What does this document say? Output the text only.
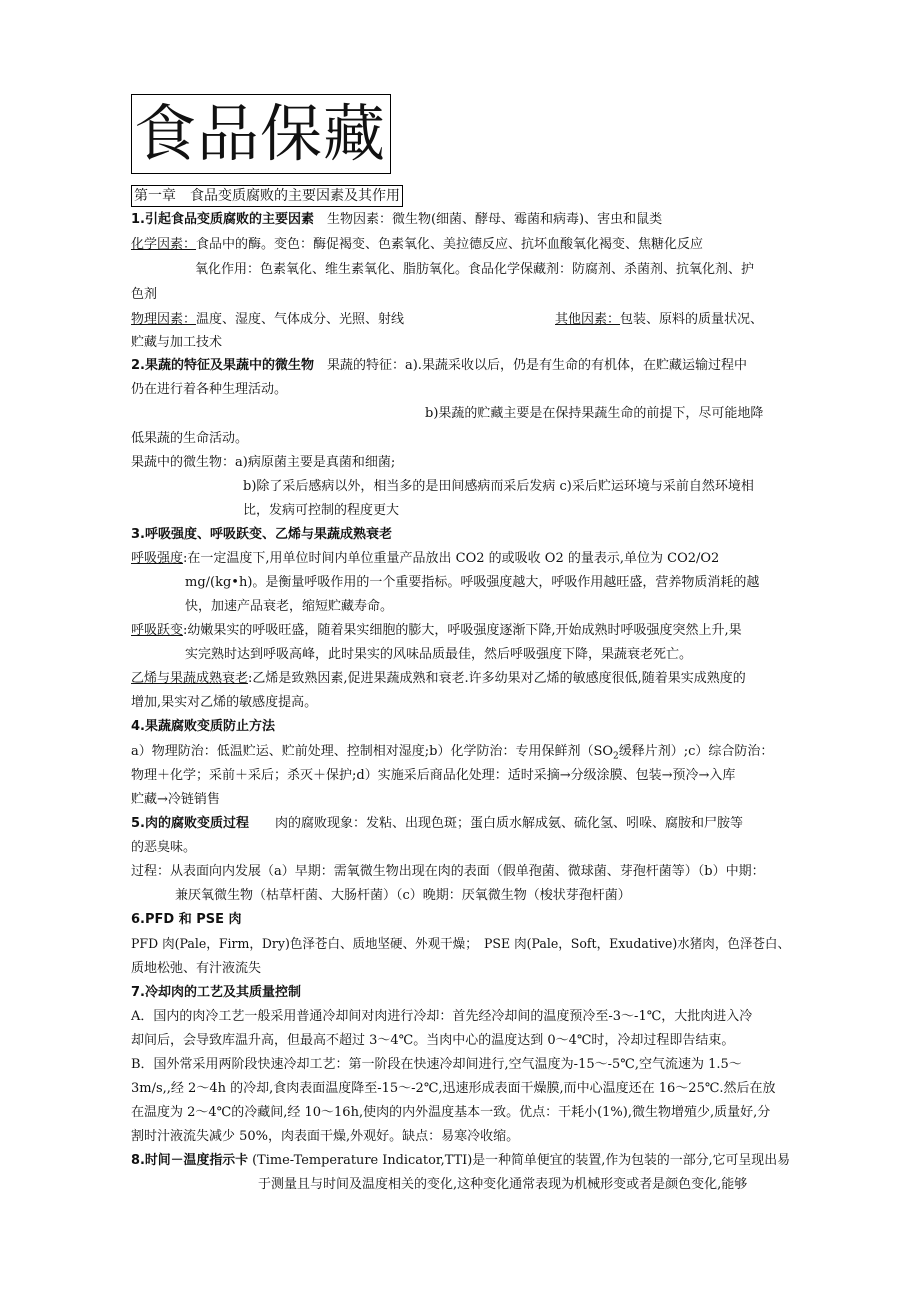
食品保藏
第一章　食品变质腐败的主要因素及其作用
1.引起食品变质腐败的主要因素　生物因素：微生物(细菌、酵母、霉菌和病毒)、害虫和鼠类
化学因素：食品中的酶。变色：酶促褐变、色素氧化、美拉德反应、抗坏血酸氧化褐变、焦糖化反应
氧化作用：色素氧化、维生素氧化、脂肪氧化。食品化学保藏剂：防腐剂、杀菌剂、抗氧化剂、护
色剂
物理因素：温度、湿度、气体成分、光照、射线	其他因素：包装、原料的质量状况、
贮藏与加工技术
2.果蔬的特征及果蔬中的微生物　果蔬的特征：a).果蔬采收以后，仍是有生命的有机体，在贮藏运输过程中
仍在进行着各种生理活动。
b)果蔬的贮藏主要是在保持果蔬生命的前提下，尽可能地降
低果蔬的生命活动。
果蔬中的微生物：a)病原菌主要是真菌和细菌;
b)除了采后感病以外，相当多的是田间感病而采后发病 c)采后贮运环境与采前自然环境相
比，发病可控制的程度更大
3.呼吸强度、呼吸跃变、乙烯与果蔬成熟衰老
呼吸强度:在一定温度下,用单位时间内单位重量产品放出 CO2 的或吸收 O2 的量表示,单位为 CO2/O2
mg/(kg•h)。是衡量呼吸作用的一个重要指标。呼吸强度越大，呼吸作用越旺盛，营养物质消耗的越
快，加速产品衰老，缩短贮藏寿命。
呼吸跃变:幼嫩果实的呼吸旺盛，随着果实细胞的膨大，呼吸强度逐渐下降,开始成熟时呼吸强度突然上升,果
实完熟时达到呼吸高峰，此时果实的风味品质最佳，然后呼吸强度下降，果蔬衰老死亡。
乙烯与果蔬成熟衰老:乙烯是致熟因素,促进果蔬成熟和衰老.许多幼果对乙烯的敏感度很低,随着果实成熟度的
增加,果实对乙烯的敏感度提高。
4.果蔬腐败变质防止方法
a）物理防治：低温贮运、贮前处理、控制相对湿度;b）化学防治：专用保鲜剂（$SO_2$缓释片剂）;c）综合防治：
物理＋化学；采前＋采后；杀灭＋保护;d）实施采后商品化处理：适时采摘→分级涂膜、包装→预冷→入库
贮藏→冷链销售
5.肉的腐败变质过程　　肉的腐败现象：发粘、出现色斑；蛋白质水解成氨、硫化氢、吲哚、腐胺和尸胺等
的恶臭味。
过程：从表面向内发展（a）早期：需氧微生物出现在肉的表面（假单孢菌、微球菌、芽孢杆菌等）（b）中期：
兼厌氧微生物（枯草杆菌、大肠杆菌）（c）晚期：厌氧微生物（梭状芽孢杆菌）
6.PFD 和 PSE 肉
PFD 肉(Pale，Firm，Dry)色泽苍白、质地坚硬、外观干燥；　PSE 肉(Pale，Soft，Exudative)水猪肉，色泽苍白、
质地松弛、有汁液流失
7.冷却肉的工艺及其质量控制
A．国内的肉冷工艺一般采用普通冷却间对肉进行冷却：首先经冷却间的温度预冷至-3～-1℃，大批肉进入冷
却间后，会导致库温升高，但最高不超过 3～4℃。当肉中心的温度达到 0～4℃时，冷却过程即告结束。
B．国外常采用两阶段快速冷却工艺：第一阶段在快速冷却间进行,空气温度为-15～-5℃,空气流速为 1.5～
3m/s,,经 2～4h 的冷却,食肉表面温度降至-15～-2℃,迅速形成表面干燥膜,而中心温度还在 16～25℃.然后在放
在温度为 2～4℃的冷藏间,经 10～16h,使肉的内外温度基本一致。优点：干耗小(1%),微生物增殖少,质量好,分
割时汁液流失减少 50%，肉表面干燥,外观好。缺点：易寒冷收缩。
8.时间－温度指示卡 (Time-Temperature Indicator,TTI)是一种简单便宜的装置,作为包装的一部分,它可呈现出易
于测量且与时间及温度相关的变化,这种变化通常表现为机械形变或者是颜色变化,能够
